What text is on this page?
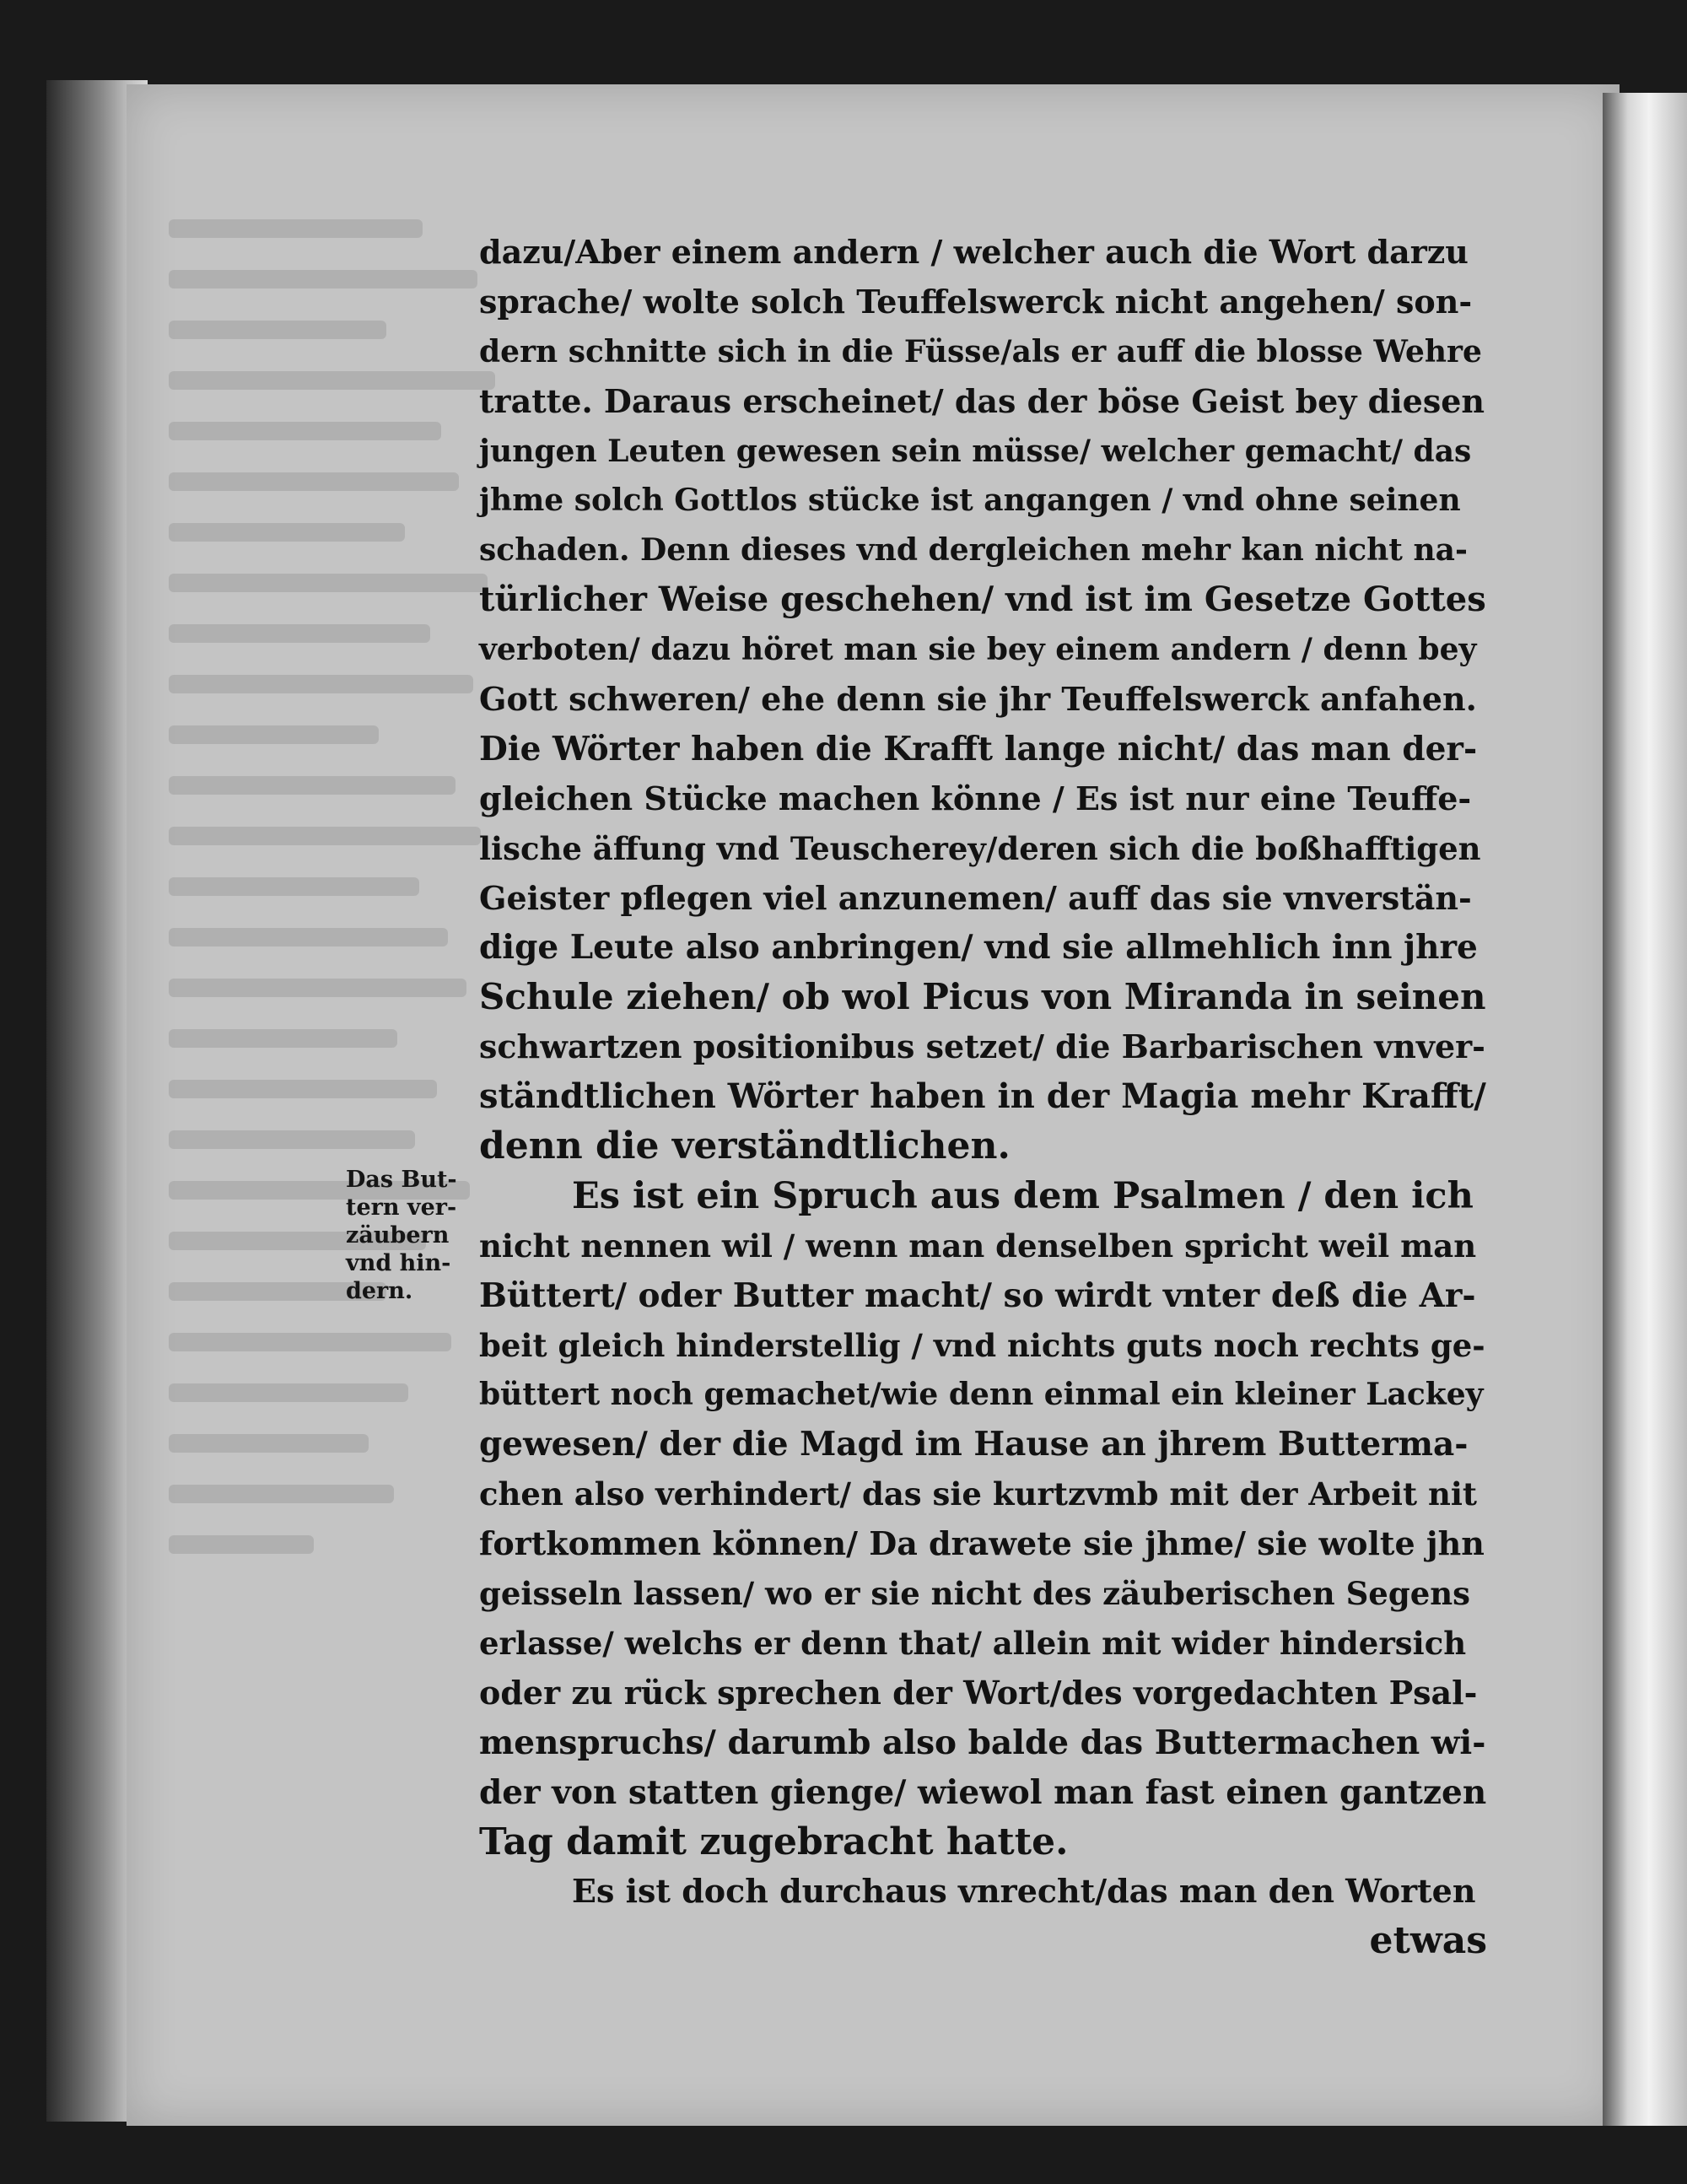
dazu/Aber einem andern / welcher auch die Wort darzu
sprache/ wolte solch Teuffelswerck nicht angehen/ son-
dern schnitte sich in die Füsse/als er auff die blosse Wehre
tratte. Daraus erscheinet/ das der böse Geist bey diesen
jungen Leuten gewesen sein müsse/ welcher gemacht/ das
jhme solch Gottlos stücke ist angangen / vnd ohne seinen
schaden. Denn dieses vnd dergleichen mehr kan nicht na-
türlicher Weise geschehen/ vnd ist im Gesetze Gottes
verboten/ dazu höret man sie bey einem andern / denn bey
Gott schweren/ ehe denn sie jhr Teuffelswerck anfahen.
Die Wörter haben die Krafft lange nicht/ das man der-
gleichen Stücke machen könne / Es ist nur eine Teuffe-
lische äffung vnd Teuscherey/deren sich die boßhafftigen
Geister pflegen viel anzunemen/ auff das sie vnverstän-
dige Leute also anbringen/ vnd sie allmehlich inn jhre
Schule ziehen/ ob wol Picus von Miranda in seinen
schwartzen positionibus setzet/ die Barbarischen vnver-
ständtlichen Wörter haben in der Magia mehr Krafft/
denn die verständtlichen.
Es ist ein Spruch aus dem Psalmen / den ich
nicht nennen wil / wenn man denselben spricht weil man
Büttert/ oder Butter macht/ so wirdt vnter deß die Ar-
beit gleich hinderstellig / vnd nichts guts noch rechts ge-
büttert noch gemachet/wie denn einmal ein kleiner Lackey
gewesen/ der die Magd im Hause an jhrem Butterma-
chen also verhindert/ das sie kurtzvmb mit der Arbeit nit
fortkommen können/ Da drawete sie jhme/ sie wolte jhn
geisseln lassen/ wo er sie nicht des zäuberischen Segens
erlasse/ welchs er denn that/ allein mit wider hindersich
oder zu rück sprechen der Wort/des vorgedachten Psal-
menspruchs/ darumb also balde das Buttermachen wi-
der von statten gienge/ wiewol man fast einen gantzen
Tag damit zugebracht hatte.
Es ist doch durchaus vnrecht/das man den Worten
etwas
Das But-
tern ver-
zäubern
vnd hin-
dern.
